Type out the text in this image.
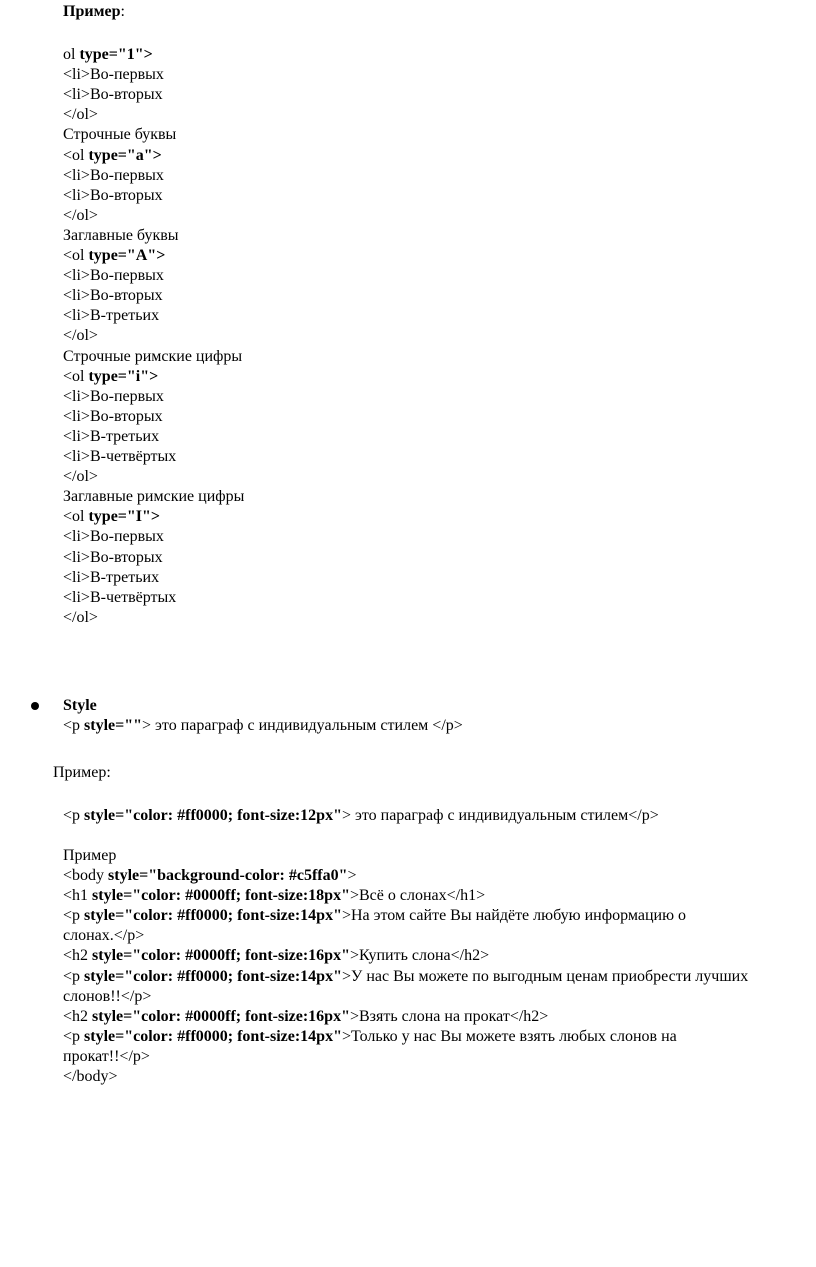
Пример:
ol type="1">
<li>Во-первых
<li>Во-вторых
</ol>
Строчные буквы
<ol type="a">
<li>Во-первых
<li>Во-вторых
</ol>
Заглавные буквы
<ol type="A">
<li>Во-первых
<li>Во-вторых
<li>В-третьих
</ol>
Строчные римские цифры
<ol type="i">
<li>Во-первых
<li>Во-вторых
<li>В-третьих
<li>В-четвёртых
</ol>
Заглавные римские цифры
<ol type="I">
<li>Во-первых
<li>Во-вторых
<li>В-третьих
<li>В-четвёртых
</ol>
Style
<p style=""> это параграф с индивидуальным стилем </p>
Пример:
<p style="color: #ff0000; font-size:12px"> это параграф с индивидуальным стилем</p>
Пример
<body style="background-color: #c5ffa0">
<h1 style="color: #0000ff; font-size:18px">Всё о слонах</h1>
<p style="color: #ff0000; font-size:14px">На этом сайте Вы найдёте любую информацию о
слонах.</p>
<h2 style="color: #0000ff; font-size:16px">Купить слона</h2>
<p style="color: #ff0000; font-size:14px">У нас Вы можете по выгодным ценам приобрести лучших
слонов!!</p>
<h2 style="color: #0000ff; font-size:16px">Взять слона на прокат</h2>
<p style="color: #ff0000; font-size:14px">Только у нас Вы можете взять любых слонов на
прокат!!</p>
</body>
